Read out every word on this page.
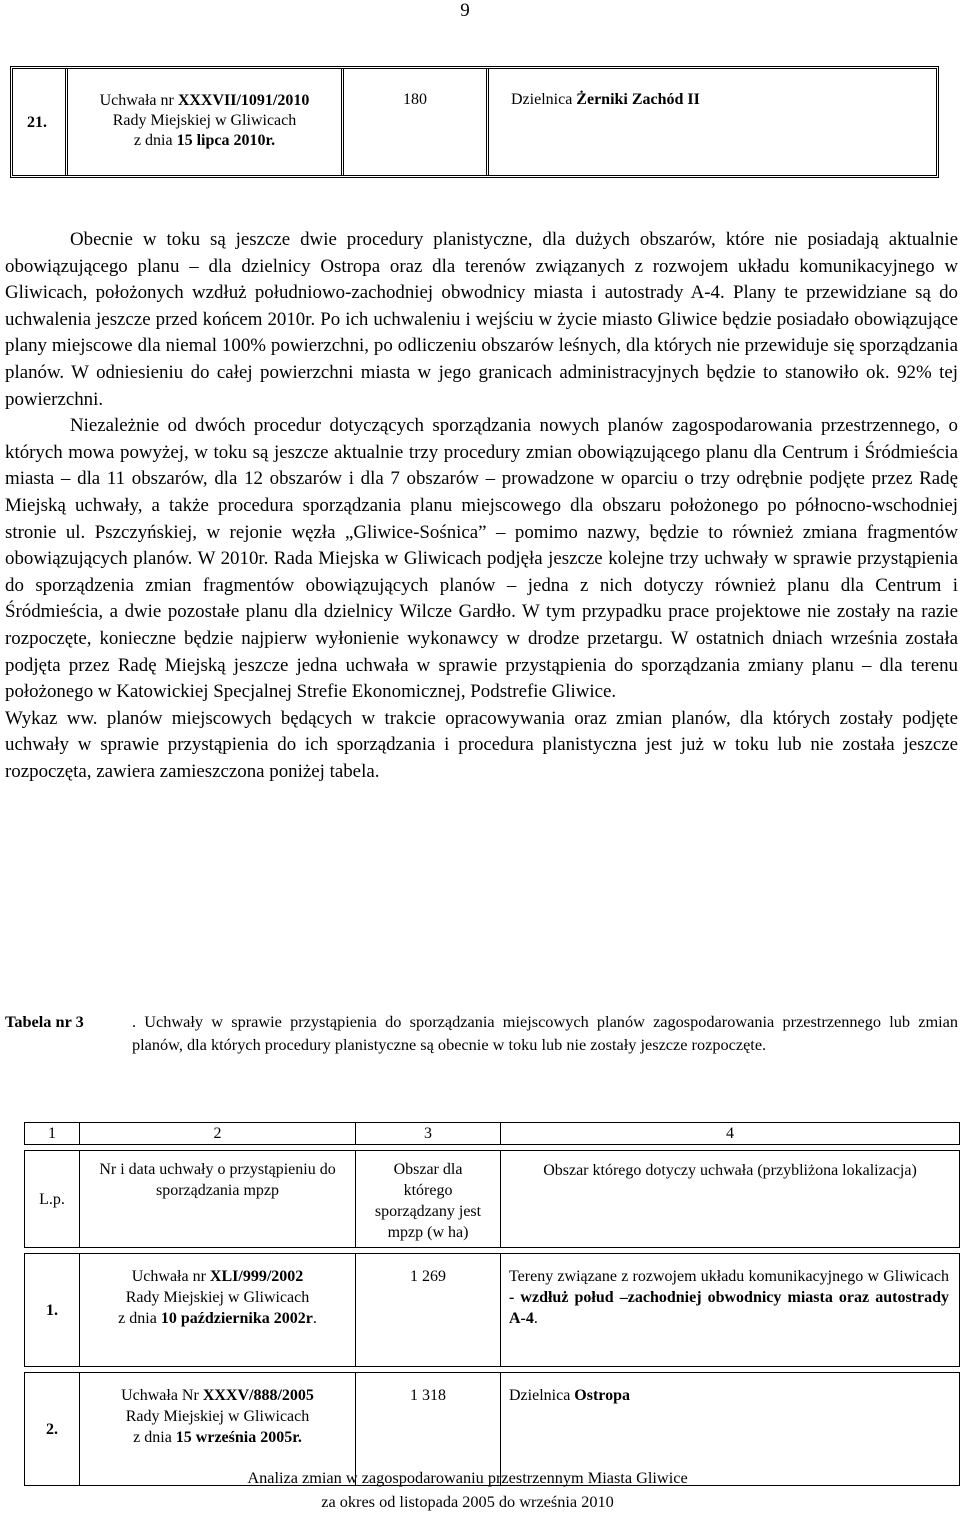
9
21.
Uchwała nr XXXVII/1091/2010
Rady Miejskiej w Gliwicach
z dnia 15 lipca 2010r.
180	Dzielnica Żerniki Zachód II

Obecnie w toku są jeszcze dwie procedury planistyczne, dla dużych obszarów, które nie posiadają aktualnie obowiązującego planu – dla dzielnicy Ostropa oraz dla terenów związanych z rozwojem układu komunikacyjnego w Gliwicach, położonych wzdłuż południowo-zachodniej obwodnicy miasta i autostrady A-4. Plany te przewidziane są do uchwalenia jeszcze przed końcem 2010r. Po ich uchwaleniu i wejściu w życie miasto Gliwice będzie posiadało obowiązujące plany miejscowe dla niemal 100% powierzchni, po odliczeniu obszarów leśnych, dla których nie przewiduje się sporządzania planów. W odniesieniu do całej powierzchni miasta w jego granicach administracyjnych będzie to stanowiło ok. 92% tej powierzchni.

Niezależnie od dwóch procedur dotyczących sporządzania nowych planów zagospodarowania przestrzennego, o których mowa powyżej, w toku są jeszcze aktualnie trzy procedury zmian obowiązującego planu dla Centrum i Śródmieścia miasta – dla 11 obszarów, dla 12 obszarów i dla 7 obszarów – prowadzone w oparciu o trzy odrębnie podjęte przez Radę Miejską uchwały, a także procedura sporządzania planu miejscowego dla obszaru położonego po północno-wschodniej stronie ul. Pszczyńskiej, w rejonie węzła „Gliwice-Sośnica” – pomimo nazwy, będzie to również zmiana fragmentów obowiązujących planów. W 2010r. Rada Miejska w Gliwicach podjęła jeszcze kolejne trzy uchwały w sprawie przystąpienia do sporządzenia zmian fragmentów obowiązujących planów – jedna z nich dotyczy również planu dla Centrum i Śródmieścia, a dwie pozostałe planu dla dzielnicy Wilcze Gardło. W tym przypadku prace projektowe nie zostały na razie rozpoczęte, konieczne będzie najpierw wyłonienie wykonawcy w drodze przetargu. W ostatnich dniach września została podjęta przez Radę Miejską jeszcze jedna uchwała w sprawie przystąpienia do sporządzania zmiany planu – dla terenu położonego w Katowickiej Specjalnej Strefie Ekonomicznej, Podstrefie Gliwice.

Wykaz ww. planów miejscowych będących w trakcie opracowywania oraz zmian planów, dla których zostały podjęte uchwały w sprawie przystąpienia do ich sporządzania i procedura planistyczna jest już w toku lub nie została jeszcze rozpoczęta, zawiera zamieszczona poniżej tabela.

Tabela nr 3	. Uchwały w sprawie przystąpienia do sporządzania miejscowych planów zagospodarowania przestrzennego lub zmian planów, dla których procedury planistyczne są obecnie w toku lub nie zostały jeszcze rozpoczęte.
1	2	3	4

L.p.	Nr i data uchwały o przystąpieniu do sporządzania mpzp	Obszar dla którego sporządzany jest mpzp (w ha)	Obszar którego dotyczy uchwała (przybliżona lokalizacja)

1.	Uchwała nr XLI/999/2002
Rady Miejskiej w Gliwicach
z dnia 10 października 2002r.	1 269	Tereny związane z rozwojem układu komunikacyjnego w Gliwicach - wzdłuż połud –zachodniej obwodnicy miasta oraz autostrady A-4.

2.	Uchwała Nr XXXV/888/2005
Rady Miejskiej w Gliwicach
z dnia 15 września 2005r.	1 318	Dzielnica Ostropa
Analiza zmian w zagospodarowaniu przestrzennym Miasta Gliwice
za okres od listopada 2005 do września 2010
